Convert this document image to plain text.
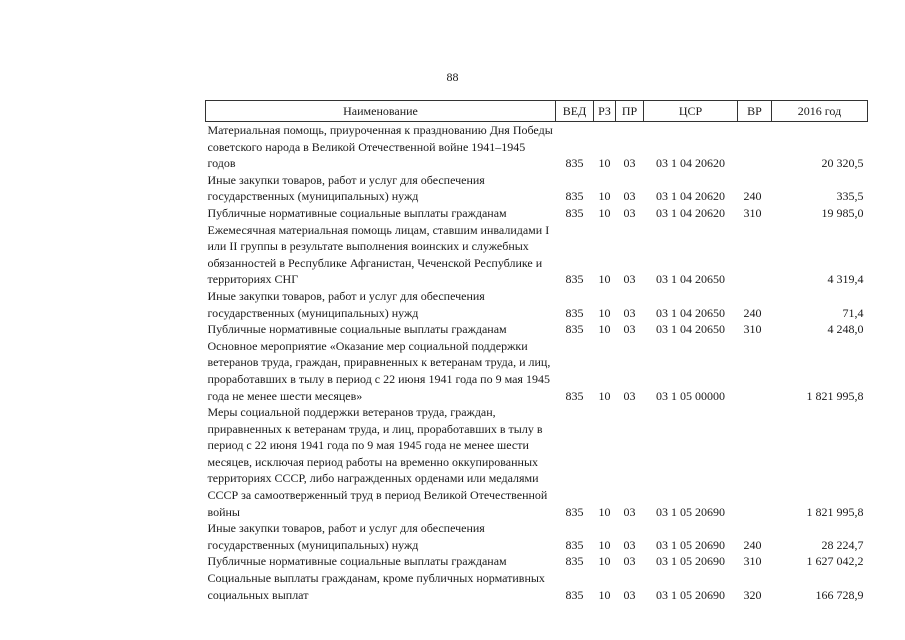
88
Наименование	ВЕД	РЗ	ПР	ЦСР	ВР	2016 год
Материальная помощь, приуроченная к празднованию Дня Победы советского народа в Великой Отечественной войне 1941–1945 годов	835	10	03	03 1 04 20620		20 320,5
Иные закупки товаров, работ и услуг для обеспечения государственных (муниципальных) нужд	835	10	03	03 1 04 20620	240	335,5
Публичные нормативные социальные выплаты гражданам	835	10	03	03 1 04 20620	310	19 985,0
Ежемесячная материальная помощь лицам, ставшим инвалидами I или II группы в результате выполнения воинских и служебных обязанностей в Республике Афганистан, Чеченской Республике и территориях СНГ	835	10	03	03 1 04 20650		4 319,4
Иные закупки товаров, работ и услуг для обеспечения государственных (муниципальных) нужд	835	10	03	03 1 04 20650	240	71,4
Публичные нормативные социальные выплаты гражданам	835	10	03	03 1 04 20650	310	4 248,0
Основное мероприятие «Оказание мер социальной поддержки ветеранов труда, граждан, приравненных к ветеранам труда, и лиц, проработавших в тылу в период с 22 июня 1941 года по 9 мая 1945 года не менее шести месяцев»	835	10	03	03 1 05 00000		1 821 995,8
Меры социальной поддержки ветеранов труда, граждан, приравненных к ветеранам труда, и лиц, проработавших в тылу в период с 22 июня 1941 года по 9 мая 1945 года не менее шести месяцев, исключая период работы на временно оккупированных территориях СССР, либо награжденных орденами или медалями СССР за самоотверженный труд в период Великой Отечественной войны	835	10	03	03 1 05 20690		1 821 995,8
Иные закупки товаров, работ и услуг для обеспечения государственных (муниципальных) нужд	835	10	03	03 1 05 20690	240	28 224,7
Публичные нормативные социальные выплаты гражданам	835	10	03	03 1 05 20690	310	1 627 042,2
Социальные выплаты гражданам, кроме публичных нормативных социальных выплат	835	10	03	03 1 05 20690	320	166 728,9
